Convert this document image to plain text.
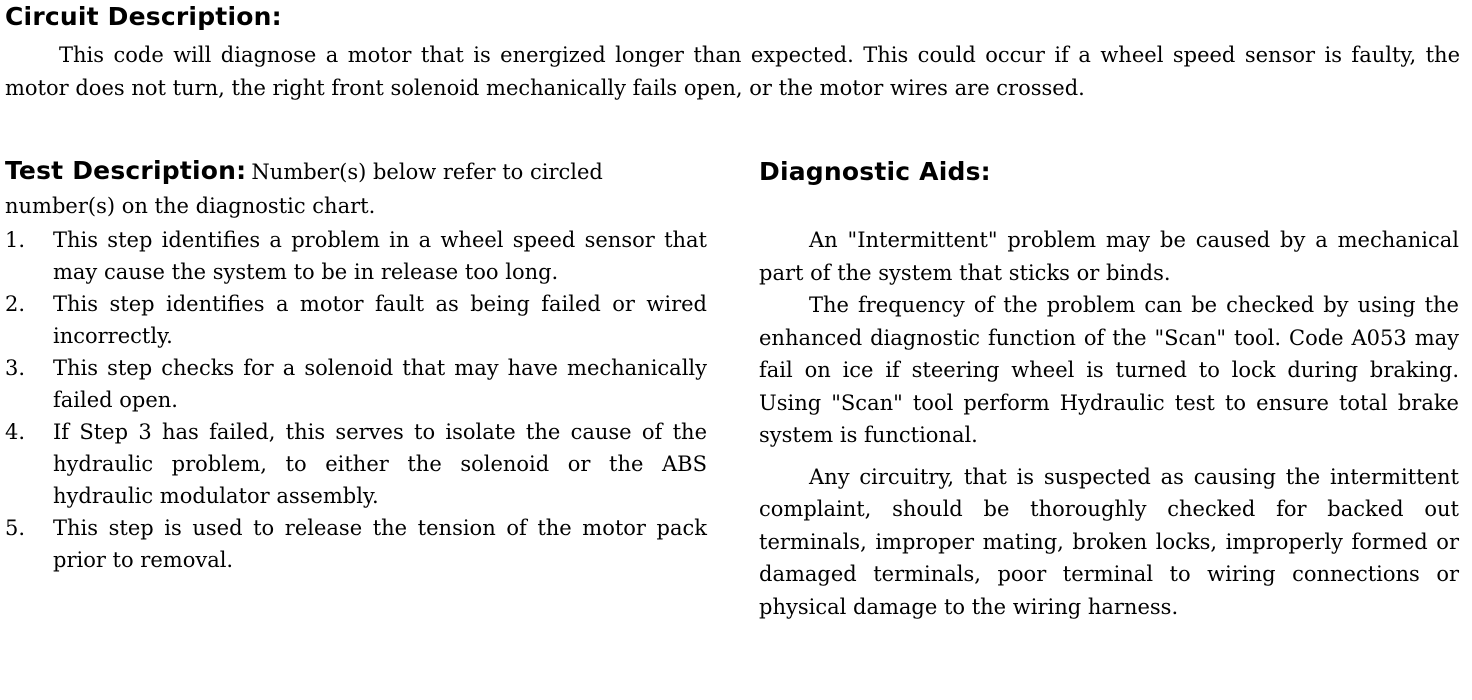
Circuit Description:
This code will diagnose a motor that is energized longer than expected. This could occur if a wheel speed sensor is faulty, the motor does not turn, the right front solenoid mechanically fails open, or the motor wires are crossed.
Test Description: Number(s) below refer to circled number(s) on the diagnostic chart.
1. This step identifies a problem in a wheel speed sensor that may cause the system to be in release too long.
2. This step identifies a motor fault as being failed or wired incorrectly.
3. This step checks for a solenoid that may have mechanically failed open.
4. If Step 3 has failed, this serves to isolate the cause of the hydraulic problem, to either the solenoid or the ABS hydraulic modulator assembly.
5. This step is used to release the tension of the motor pack prior to removal.
Diagnostic Aids:

An "Intermittent" problem may be caused by a mechanical part of the system that sticks or binds.

The frequency of the problem can be checked by using the enhanced diagnostic function of the "Scan" tool. Code A053 may fail on ice if steering wheel is turned to lock during braking. Using "Scan" tool perform Hydraulic test to ensure total brake system is functional.

Any circuitry, that is suspected as causing the intermittent complaint, should be thoroughly checked for backed out terminals, improper mating, broken locks, improperly formed or damaged terminals, poor terminal to wiring connections or physical damage to the wiring harness.
